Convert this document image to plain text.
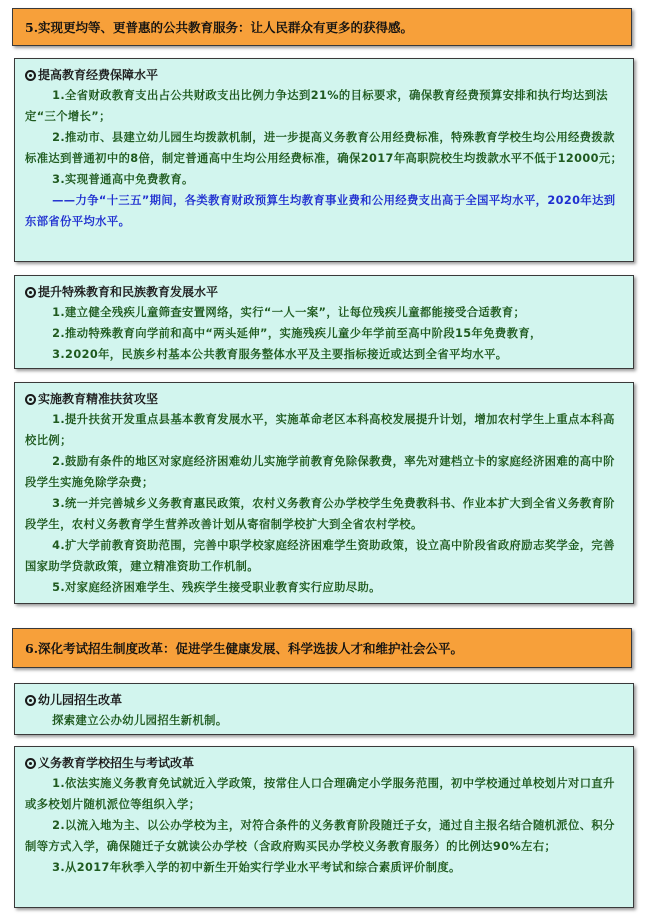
5.实现更均等、更普惠的公共教育服务：让人民群众有更多的获得感。
提高教育经费保障水平

1.全省财政教育支出占公共财政支出比例力争达到21%的目标要求，确保教育经费预算安排和执行均达到法定“三个增长”；

2.推动市、县建立幼儿园生均拨款机制，进一步提高义务教育公用经费标准，特殊教育学校生均公用经费拨款标准达到普通初中的8倍，制定普通高中生均公用经费标准，确保2017年高职院校生均拨款水平不低于12000元；

3.实现普通高中免费教育。

——力争“十三五”期间，各类教育财政预算生均教育事业费和公用经费支出高于全国平均水平，2020年达到东部省份平均水平。

提升特殊教育和民族教育发展水平

1.建立健全残疾儿童筛查安置网络，实行“一人一案”，让每位残疾儿童都能接受合适教育；

2.推动特殊教育向学前和高中“两头延伸”，实施残疾儿童少年学前至高中阶段15年免费教育，

3.2020年，民族乡村基本公共教育服务整体水平及主要指标接近或达到全省平均水平。

实施教育精准扶贫攻坚

1.提升扶贫开发重点县基本教育发展水平，实施革命老区本科高校发展提升计划，增加农村学生上重点本科高校比例；

2.鼓励有条件的地区对家庭经济困难幼儿实施学前教育免除保教费，率先对建档立卡的家庭经济困难的高中阶段学生实施免除学杂费；

3.统一并完善城乡义务教育惠民政策，农村义务教育公办学校学生免费教科书、作业本扩大到全省义务教育阶段学生，农村义务教育学生营养改善计划从寄宿制学校扩大到全省农村学校。

4.扩大学前教育资助范围，完善中职学校家庭经济困难学生资助政策，设立高中阶段省政府励志奖学金，完善国家助学贷款政策，建立精准资助工作机制。

5.对家庭经济困难学生、残疾学生接受职业教育实行应助尽助。

6.深化考试招生制度改革：促进学生健康发展、科学选拔人才和维护社会公平。
幼儿园招生改革

探索建立公办幼儿园招生新机制。

义务教育学校招生与考试改革

1.依法实施义务教育免试就近入学政策，按常住人口合理确定小学服务范围，初中学校通过单校划片对口直升或多校划片随机派位等组织入学；

2.以流入地为主、以公办学校为主，对符合条件的义务教育阶段随迁子女，通过自主报名结合随机派位、积分制等方式入学，确保随迁子女就读公办学校（含政府购买民办学校义务教育服务）的比例达90%左右；

3.从2017年秋季入学的初中新生开始实行学业水平考试和综合素质评价制度。
